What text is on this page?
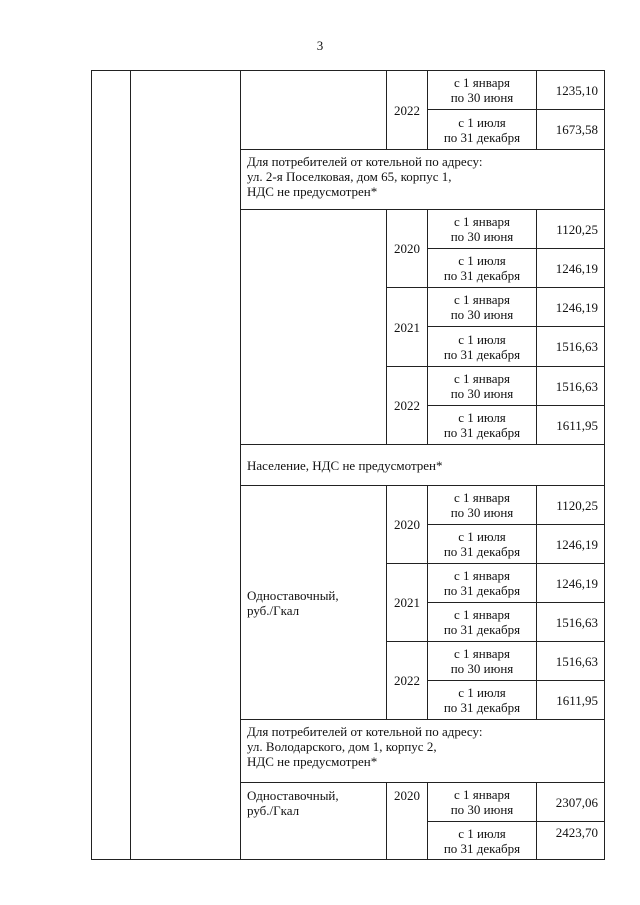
3
			2022	с 1 января
по 30 июня	1235,10

				с 1 июля
по 31 декабря	1673,58

		Для потребителей от котельной по адресу:
ул. 2-я Поселковая, дом 65, корпус 1,
НДС не предусмотрен*			

			2020	с 1 января
по 30 июня	1120,25

				с 1 июля
по 31 декабря	1246,19
			2021	с 1 января
по 30 июня	1246,19

				с 1 июля
по 31 декабря	1516,63
			2022	с 1 января
по 30 июня	1516,63

				с 1 июля
по 31 декабря	1611,95
		Население, НДС не предусмотрен*			

		Одноставочный,
руб./Гкал	2020	с 1 января
по 30 июня	1120,25

				с 1 июля
по 31 декабря	1246,19
			2021	с 1 января
по 31 декабря	1246,19

				с 1 января
по 31 декабря	1516,63
			2022	с 1 января
по 30 июня	1516,63

				с 1 июля
по 31 декабря	1611,95

		Для потребителей от котельной по адресу:
ул. Володарского, дом 1, корпус 2,
НДС не предусмотрен*			

		Одноставочный,
руб./Гкал	2020	с 1 января
по 30 июня	2307,06

				с 1 июля
по 31 декабря	2423,70
